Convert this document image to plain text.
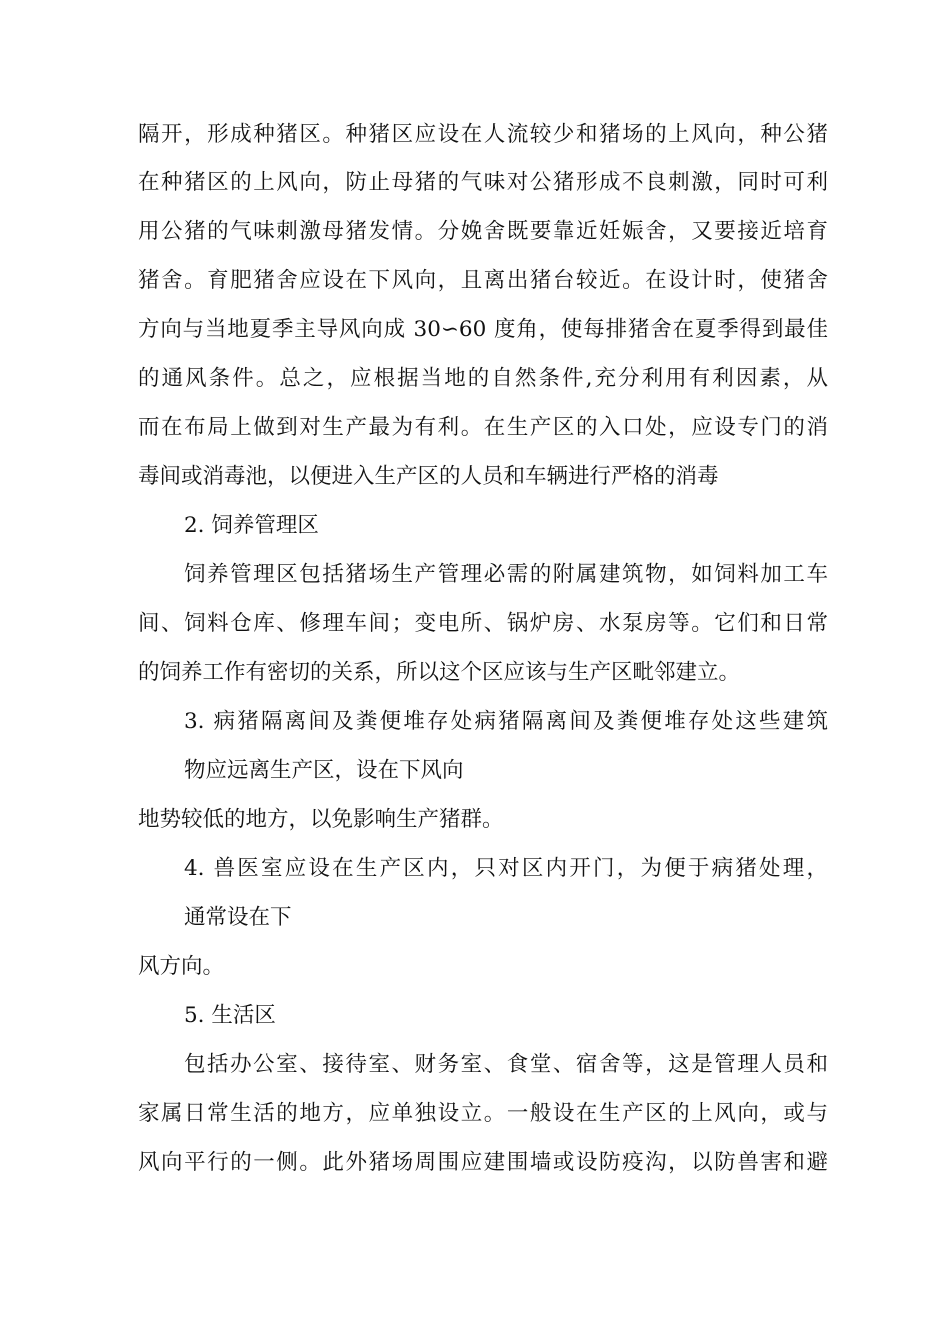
隔开，形成种猪区。种猪区应设在人流较少和猪场的上风向，种公猪
在种猪区的上风向，防止母猪的气味对公猪形成不良刺激，同时可利
用公猪的气味刺激母猪发情。分娩舍既要靠近妊娠舍，又要接近培育
猪舍。育肥猪舍应设在下风向，且离出猪台较近。在设计时，使猪舍
方向与当地夏季主导风向成 30∽60 度角，使每排猪舍在夏季得到最佳
的通风条件。总之，应根据当地的自然条件,充分利用有利因素，从
而在布局上做到对生产最为有利。在生产区的入口处，应设专门的消
毒间或消毒池，以便进入生产区的人员和车辆进行严格的消毒
2. 饲养管理区
饲养管理区包括猪场生产管理必需的附属建筑物，如饲料加工车
间、饲料仓库、修理车间；变电所、锅炉房、水泵房等。它们和日常
的饲养工作有密切的关系，所以这个区应该与生产区毗邻建立。
3. 病猪隔离间及粪便堆存处病猪隔离间及粪便堆存处这些建筑
物应远离生产区，设在下风向
地势较低的地方，以免影响生产猪群。
4. 兽医室应设在生产区内，只对区内开门，为便于病猪处理，
通常设在下
风方向。
5. 生活区
包括办公室、接待室、财务室、食堂、宿舍等，这是管理人员和
家属日常生活的地方，应单独设立。一般设在生产区的上风向，或与
风向平行的一侧。此外猪场周围应建围墙或设防疫沟，以防兽害和避
